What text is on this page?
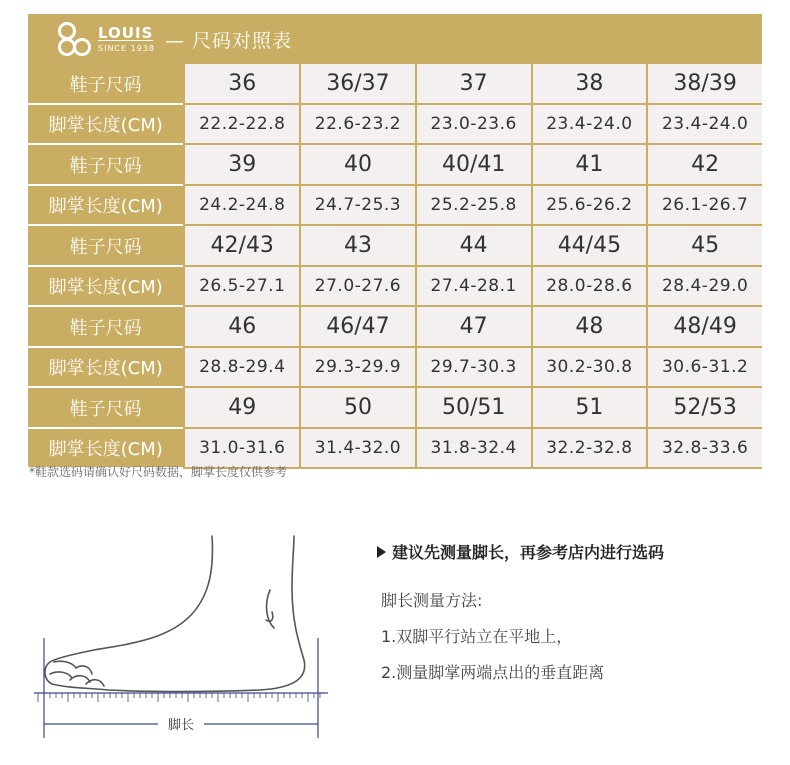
LOUIS
SINCE 1938 — 尺码对照表
鞋子尺码	36	36/37	37	38	38/39
脚掌长度(CM)	22.2-22.8	22.6-23.2	23.0-23.6	23.4-24.0	23.4-24.0
鞋子尺码	39	40	40/41	41	42
脚掌长度(CM)	24.2-24.8	24.7-25.3	25.2-25.8	25.6-26.2	26.1-26.7
鞋子尺码	42/43	43	44	44/45	45
脚掌长度(CM)	26.5-27.1	27.0-27.6	27.4-28.1	28.0-28.6	28.4-29.0
鞋子尺码	46	46/47	47	48	48/49
脚掌长度(CM)	28.8-29.4	29.3-29.9	29.7-30.3	30.2-30.8	30.6-31.2
鞋子尺码	49	50	50/51	51	52/53
脚掌长度(CM)	31.0-31.6	31.4-32.0	31.8-32.4	32.2-32.8	32.8-33.6
*鞋款选码请确认好尺码数据，脚掌长度仅供参考
脚长
建议先测量脚长，再参考店内进行选码
脚长测量方法:
1.双脚平行站立在平地上，
2.测量脚掌两端点出的垂直距离
